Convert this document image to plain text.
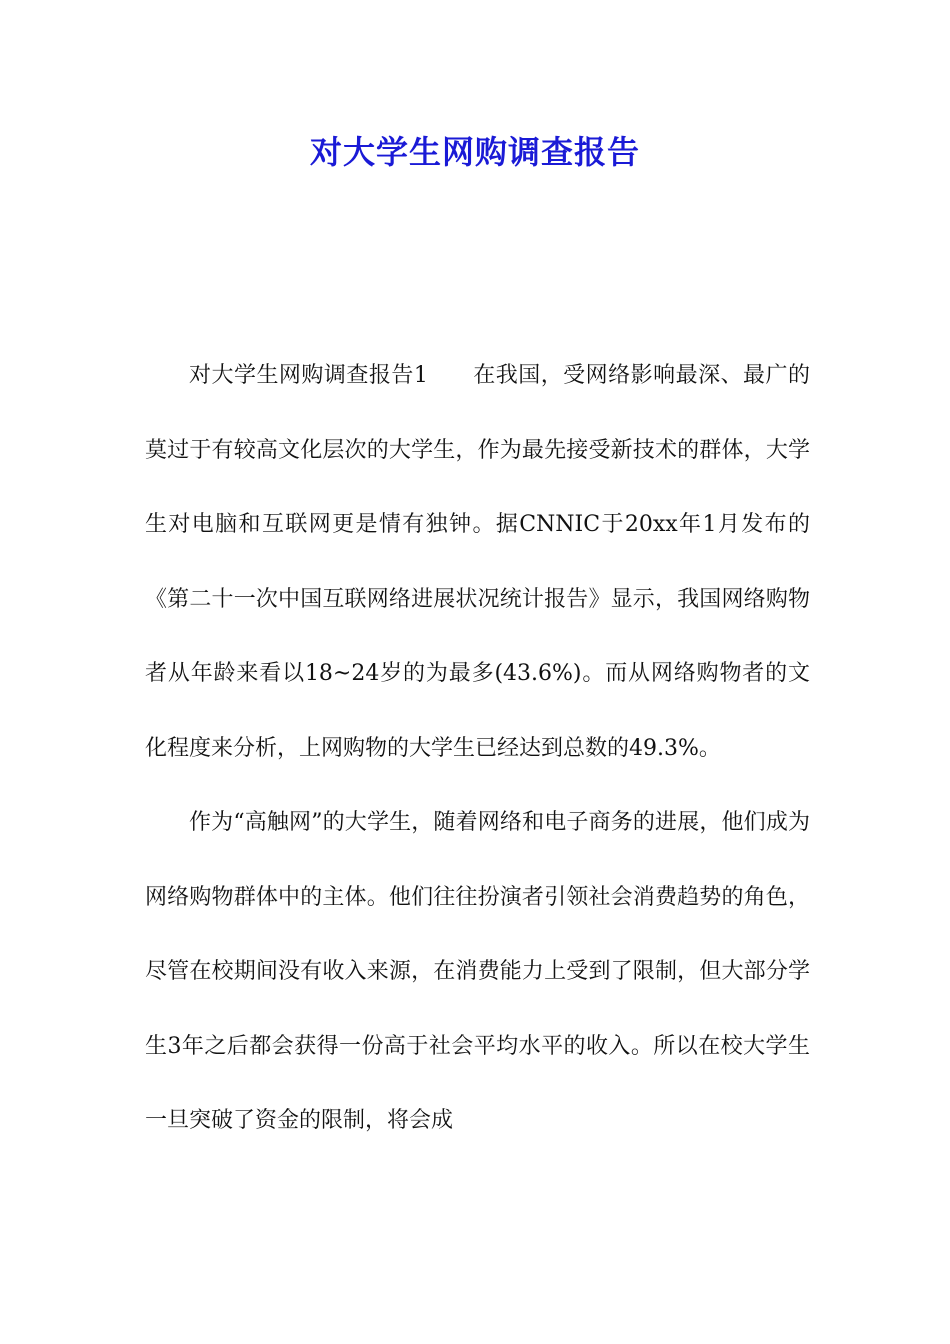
对大学生网购调查报告

对大学生网购调查报告1　　在我国，受网络影响最深、最广的莫过于有较高文化层次的大学生，作为最先接受新技术的群体，大学生对电脑和互联网更是情有独钟。据CNNIC于20xx年1月发布的《第二十一次中国互联网络进展状况统计报告》显示，我国网络购物者从年龄来看以18~24岁的为最多(43.6%)。而从网络购物者的文化程度来分析，上网购物的大学生已经达到总数的49.3%。

作为“高触网”的大学生，随着网络和电子商务的进展，他们成为网络购物群体中的主体。他们往往扮演者引领社会消费趋势的角色，尽管在校期间没有收入来源，在消费能力上受到了限制，但大部分学生3年之后都会获得一份高于社会平均水平的收入。所以在校大学生一旦突破了资金的限制，将会成
